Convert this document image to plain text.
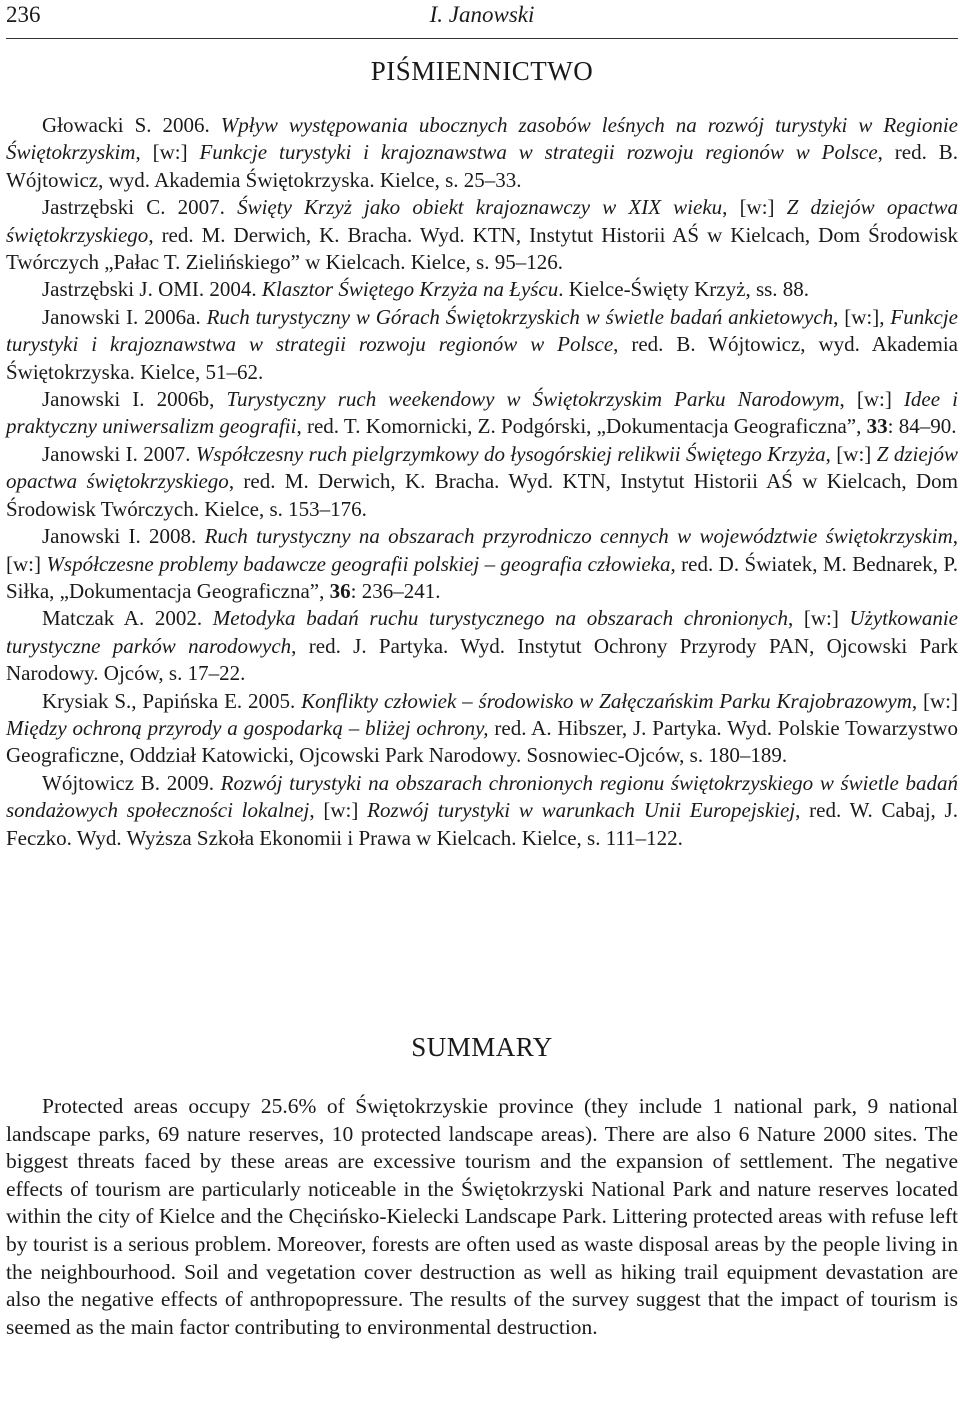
236	I. Janowski
PIŚMIENNICTWO

Głowacki S. 2006. Wpływ występowania ubocznych zasobów leśnych na rozwój turystyki w Regionie Świętokrzyskim, [w:] Funkcje turystyki i krajoznawstwa w strategii rozwoju regionów w Polsce, red. B. Wójtowicz, wyd. Akademia Świętokrzyska. Kielce, s. 25–33.

Jastrzębski C. 2007. Święty Krzyż jako obiekt krajoznawczy w XIX wieku, [w:] Z dziejów opactwa świętokrzyskiego, red. M. Derwich, K. Bracha. Wyd. KTN, Instytut Historii AŚ w Kielcach, Dom Środowisk Twórczych „Pałac T. Zielińskiego” w Kielcach. Kielce, s. 95–126.

Jastrzębski J. OMI. 2004. Klasztor Świętego Krzyża na Łyścu. Kielce-Święty Krzyż, ss. 88.

Janowski I. 2006a. Ruch turystyczny w Górach Świętokrzyskich w świetle badań ankietowych, [w:], Funkcje turystyki i krajoznawstwa w strategii rozwoju regionów w Polsce, red. B. Wójtowicz, wyd. Akademia Świętokrzyska. Kielce, 51–62.

Janowski I. 2006b, Turystyczny ruch weekendowy w Świętokrzyskim Parku Narodowym, [w:] Idee i praktyczny uniwersalizm geografii, red. T. Komornicki, Z. Podgórski, „Dokumentacja Geograficzna”, 33: 84–90.

Janowski I. 2007. Współczesny ruch pielgrzymkowy do łysogórskiej relikwii Świętego Krzyża, [w:] Z dziejów opactwa świętokrzyskiego, red. M. Derwich, K. Bracha. Wyd. KTN, Instytut Historii AŚ w Kielcach, Dom Środowisk Twórczych. Kielce, s. 153–176.

Janowski I. 2008. Ruch turystyczny na obszarach przyrodniczo cennych w województwie świętokrzyskim, [w:] Współczesne problemy badawcze geografii polskiej – geografia człowieka, red. D. Światek, M. Bednarek, P. Siłka, „Dokumentacja Geograficzna”, 36: 236–241.

Matczak A. 2002. Metodyka badań ruchu turystycznego na obszarach chronionych, [w:] Użytkowanie turystyczne parków narodowych, red. J. Partyka. Wyd. Instytut Ochrony Przyrody PAN, Ojcowski Park Narodowy. Ojców, s. 17–22.

Krysiak S., Papińska E. 2005. Konflikty człowiek – środowisko w Załęczańskim Parku Krajobrazowym, [w:] Między ochroną przyrody a gospodarką – bliżej ochrony, red. A. Hibszer, J. Partyka. Wyd. Polskie Towarzystwo Geograficzne, Oddział Katowicki, Ojcowski Park Narodowy. Sosnowiec-Ojców, s. 180–189.

Wójtowicz B. 2009. Rozwój turystyki na obszarach chronionych regionu świętokrzyskiego w świetle badań sondażowych społeczności lokalnej, [w:] Rozwój turystyki w warunkach Unii Europejskiej, red. W. Cabaj, J. Feczko. Wyd. Wyższa Szkoła Ekonomii i Prawa w Kielcach. Kielce, s. 111–122.

SUMMARY

Protected areas occupy 25.6% of Świętokrzyskie province (they include 1 national park, 9 national landscape parks, 69 nature reserves, 10 protected landscape areas). There are also 6 Nature 2000 sites. The biggest threats faced by these areas are excessive tourism and the expansion of settlement. The negative effects of tourism are particularly noticeable in the Świętokrzyski National Park and nature reserves located within the city of Kielce and the Chęcińsko-Kielecki Landscape Park. Littering protected areas with refuse left by tourist is a serious problem. Moreover, forests are often used as waste disposal areas by the people living in the neighbourhood. Soil and vegetation cover destruction as well as hiking trail equipment devastation are also the negative effects of anthropopressure. The results of the survey suggest that the impact of tourism is seemed as the main factor contributing to environmental destruction.
